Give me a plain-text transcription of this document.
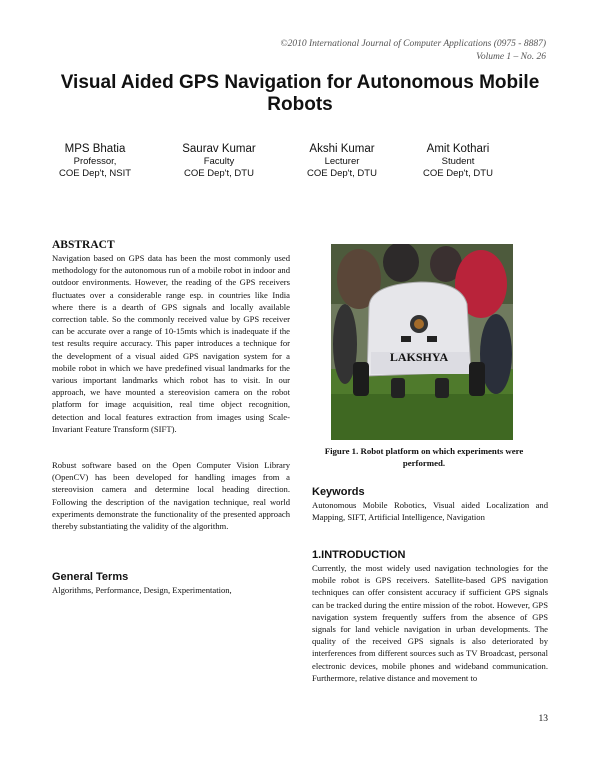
©2010 International Journal of Computer Applications (0975 - 8887)
Volume 1 – No. 26
Visual Aided GPS Navigation for Autonomous Mobile Robots
MPS Bhatia
Professor,
COE Dep't, NSIT
Saurav Kumar
Faculty
COE Dep't, DTU
Akshi Kumar
Lecturer
COE Dep't, DTU
Amit Kothari
Student
COE Dep't, DTU
ABSTRACT
Navigation based on GPS data has been the most commonly used methodology for the autonomous run of a mobile robot in indoor and outdoor environments. However, the reading of the GPS receivers fluctuates over a considerable range esp. in countries like India where there is a dearth of GPS signals and locally available correction table. So the commonly received value by GPS receiver can be accurate over a range of 10-15mts which is inadequate if the test results require accuracy. This paper introduces a technique for the development of a visual aided GPS navigation system for a mobile robot in which we have predefined visual landmarks for the various important landmarks which robot has to visit. In our approach, we have mounted a stereovision camera on the robot platform for image acquisition, real time object recognition, detection and local features extraction from images using Scale-Invariant Feature Transform (SIFT).
Robust software based on the Open Computer Vision Library (OpenCV) has been developed for handling images from a stereovision camera and determine local heading direction. Following the description of the navigation technique, real world experiments demonstrate the functionality of the presented approach thereby substantiating the validity of the algorithm.
General Terms
Algorithms, Performance, Design, Experimentation,
LAKSHYA
Figure 1. Robot platform on which experiments were performed.
Keywords
Autonomous Mobile Robotics, Visual aided Localization and Mapping, SIFT, Artificial Intelligence, Navigation
1.INTRODUCTION
Currently, the most widely used navigation technologies for the mobile robot is GPS receivers. Satellite-based GPS navigation techniques can offer consistent accuracy if sufficient GPS signals can be tracked during the entire mission of the robot. However, GPS navigation system frequently suffers from the absence of GPS signals for land vehicle navigation in urban developments. The quality of the received GPS signals is also deteriorated by interferences from different sources such as TV Broadcast, personal electronic devices, mobile phones and wideband communication. Furthermore, relative distance and movement to
13
